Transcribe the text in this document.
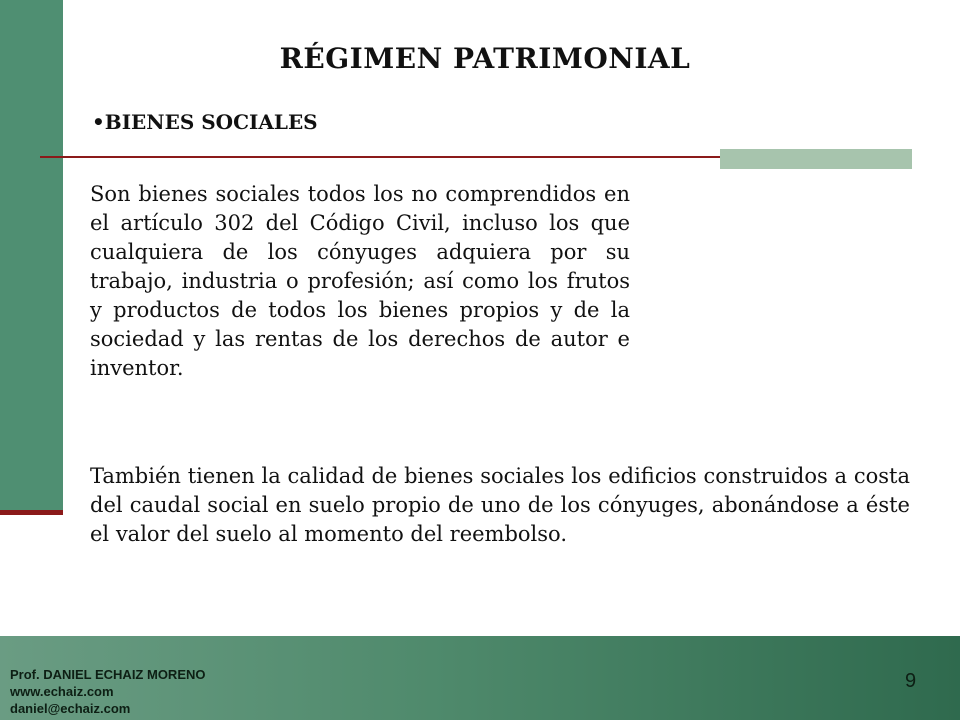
RÉGIMEN PATRIMONIAL
•BIENES SOCIALES

Son bienes sociales todos los no comprendidos en el artículo 302 del Código Civil, incluso los que cualquiera de los cónyuges adquiera por su trabajo, industria o profesión; así como los frutos y productos de todos los bienes propios y de la sociedad y las rentas de los derechos de autor e inventor.

También tienen la calidad de bienes sociales los edificios construidos a costa del caudal social en suelo propio de uno de los cónyuges, abonándose a éste el valor del suelo al momento del reembolso.

Prof. DANIEL ECHAIZ MORENO
www.echaiz.com
daniel@echaiz.com
9
